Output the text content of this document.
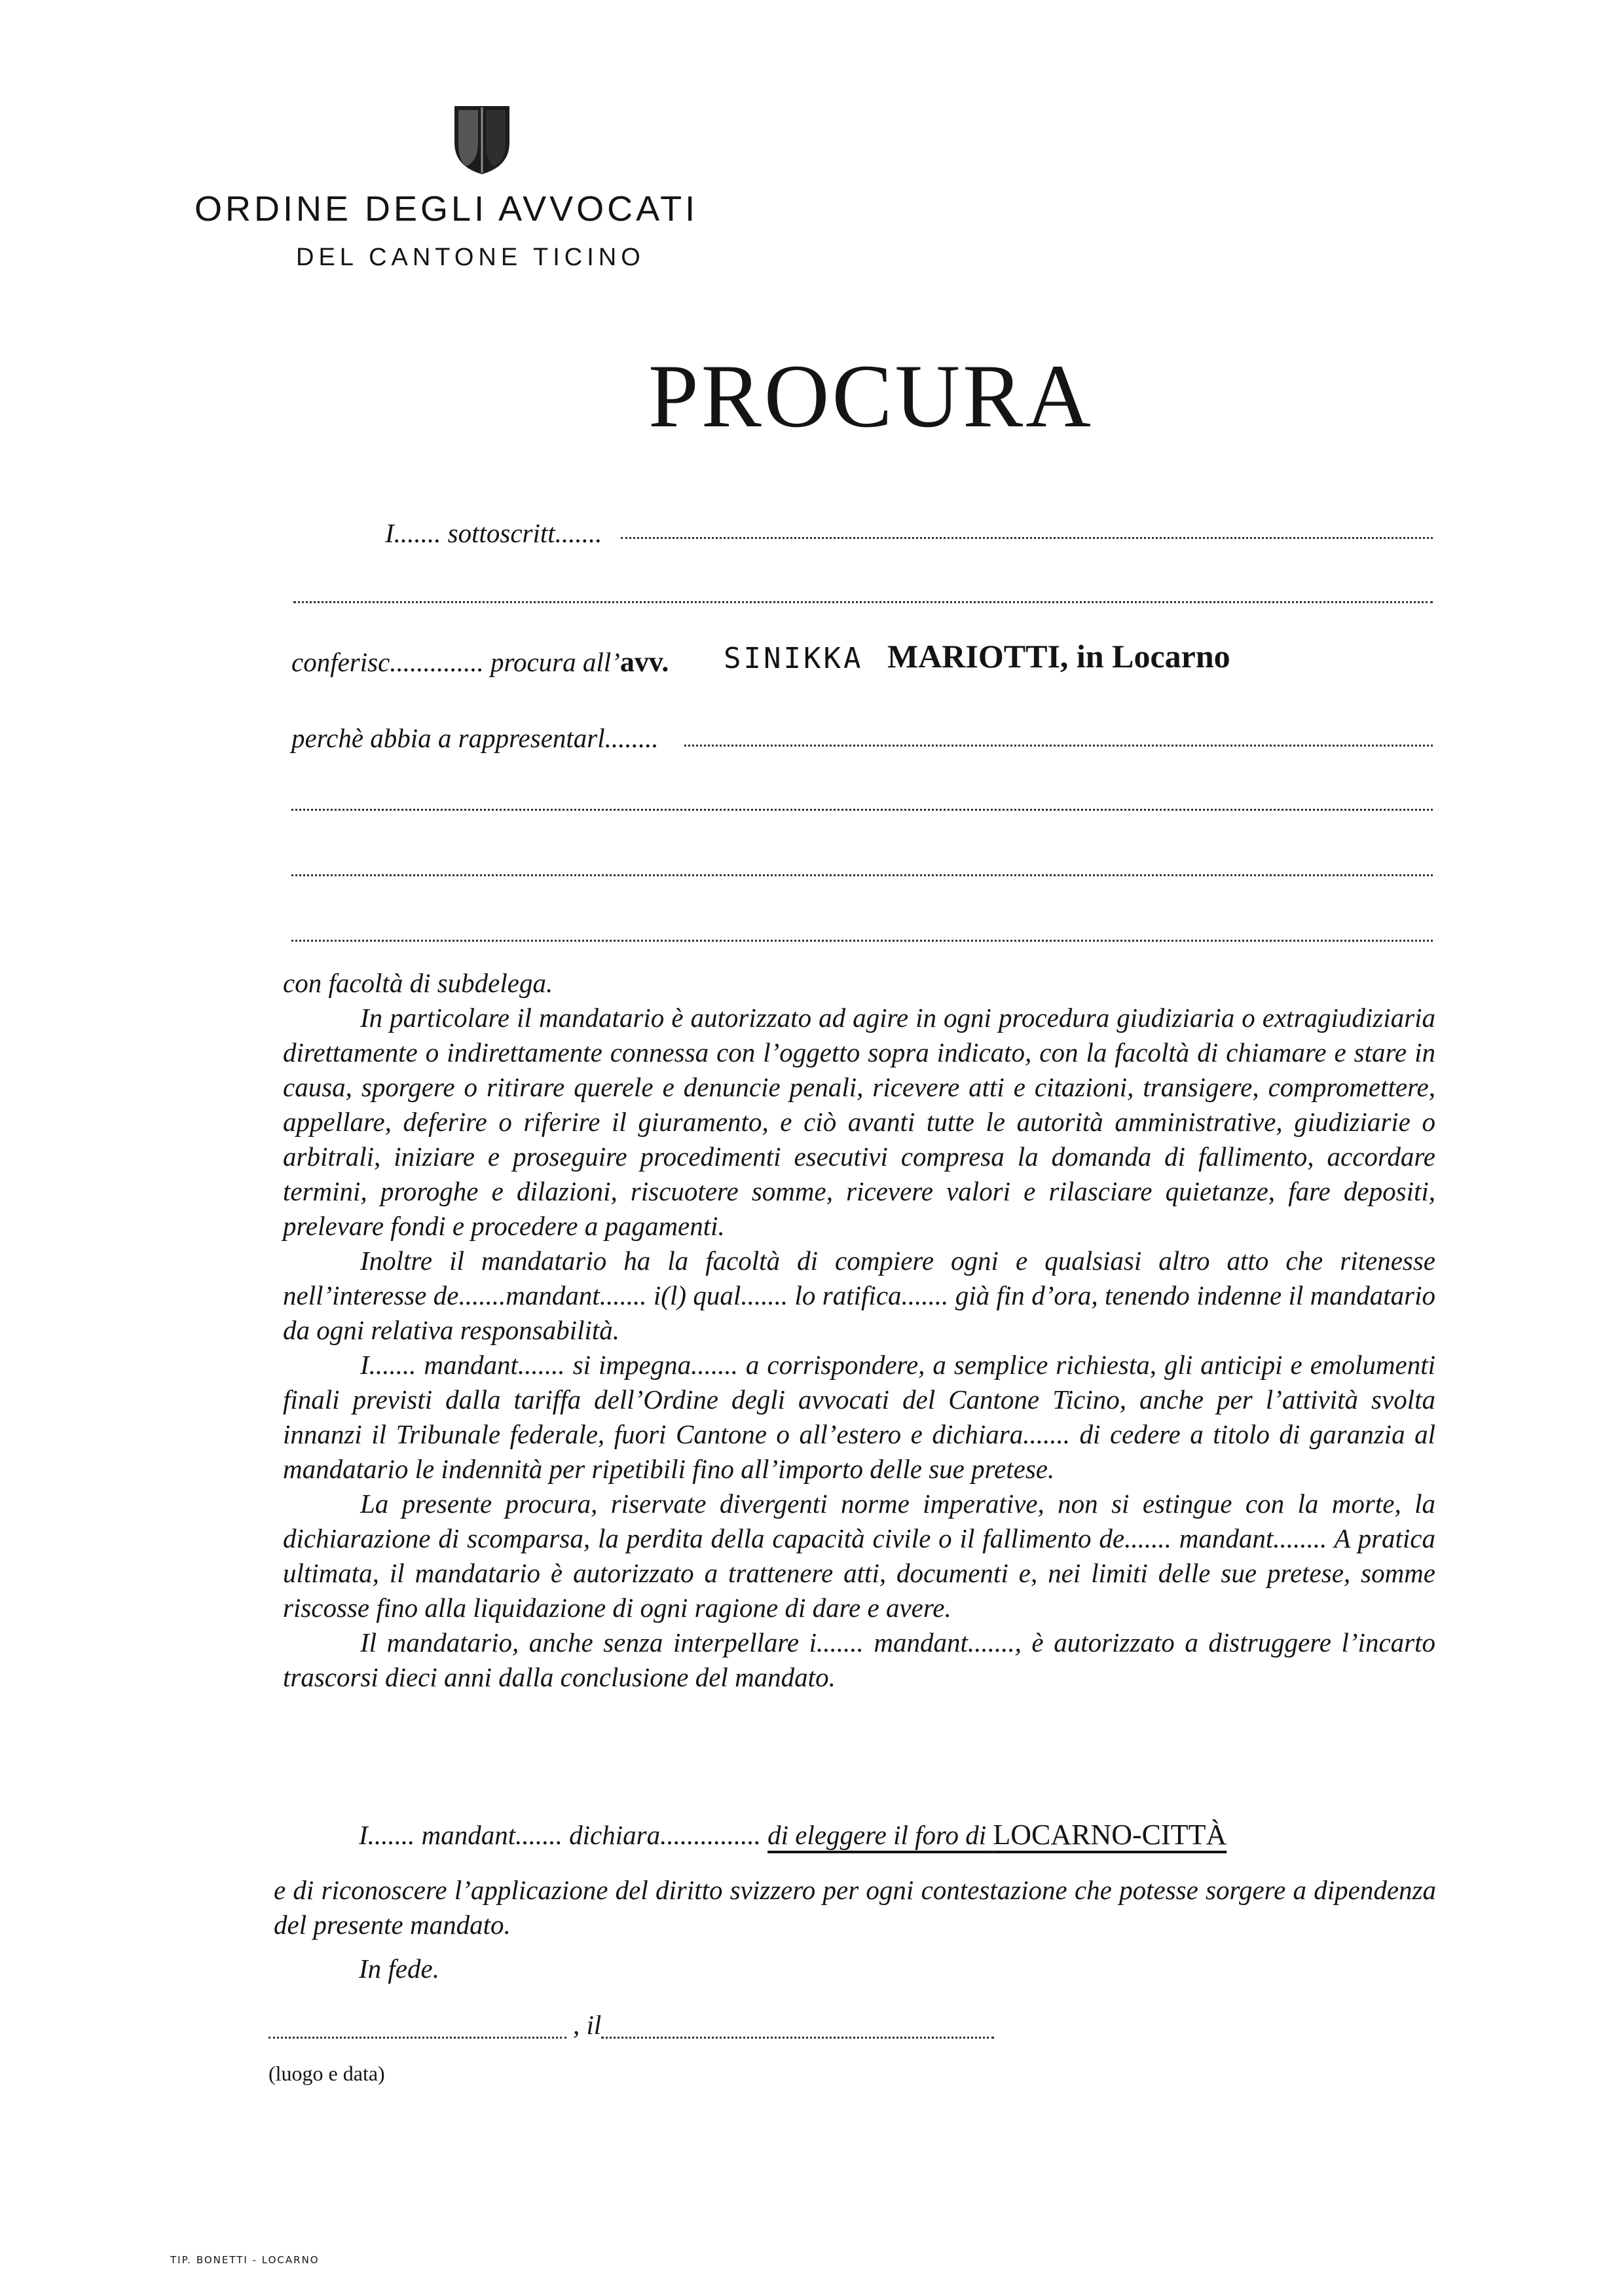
ORDINE DEGLI AVVOCATI
DEL CANTONE TICINO
PROCURA
I....... sottoscritt.......
conferisc.............. procura all’avv. SINIKKA MARIOTTI, in Locarno
perchè abbia a rappresentarl........

con facoltà di subdelega.

In particolare il mandatario è autorizzato ad agire in ogni procedura giudiziaria o extragiudiziaria direttamente o indirettamente connessa con l’oggetto sopra indicato, con la facoltà di chiamare e stare in causa, sporgere o ritirare querele e denuncie penali, ricevere atti e citazioni, transigere, compromettere, appellare, deferire o riferire il giuramento, e ciò avanti tutte le autorità amministrative, giudiziarie o arbitrali, iniziare e proseguire procedimenti esecutivi compresa la domanda di fallimento, accordare termini, proroghe e dilazioni, riscuotere somme, ricevere valori e rilasciare quietanze, fare depositi, prelevare fondi e procedere a pagamenti.

Inoltre il mandatario ha la facoltà di compiere ogni e qualsiasi altro atto che ritenesse nell’interesse de.......mandant....... i(l) qual....... lo ratifica....... già fin d’ora, tenendo indenne il mandatario da ogni relativa responsabilità.

I....... mandant....... si impegna....... a corrispondere, a semplice richiesta, gli anticipi e emolumenti finali previsti dalla tariffa dell’Ordine degli avvocati del Cantone Ticino, anche per l’attività svolta innanzi il Tribunale federale, fuori Cantone o all’estero e dichiara....... di cedere a titolo di garanzia al mandatario le indennità per ripetibili fino all’importo delle sue pretese.

La presente procura, riservate divergenti norme imperative, non si estingue con la morte, la dichiarazione di scomparsa, la perdita della capacità civile o il fallimento de....... mandant........ A pratica ultimata, il mandatario è autorizzato a trattenere atti, documenti e, nei limiti delle sue pretese, somme riscosse fino alla liquidazione di ogni ragione di dare e avere.

Il mandatario, anche senza interpellare i....... mandant......., è autorizzato a distruggere l’incarto trascorsi dieci anni dalla conclusione del mandato.

I....... mandant....... dichiara............... di eleggere il foro di LOCARNO-CITTÀ
e di riconoscere l’applicazione del diritto svizzero per ogni contestazione che potesse sorgere a dipendenza del presente mandato.
In fede.
, il
(luogo e data)
TIP. BONETTI - LOCARNO
